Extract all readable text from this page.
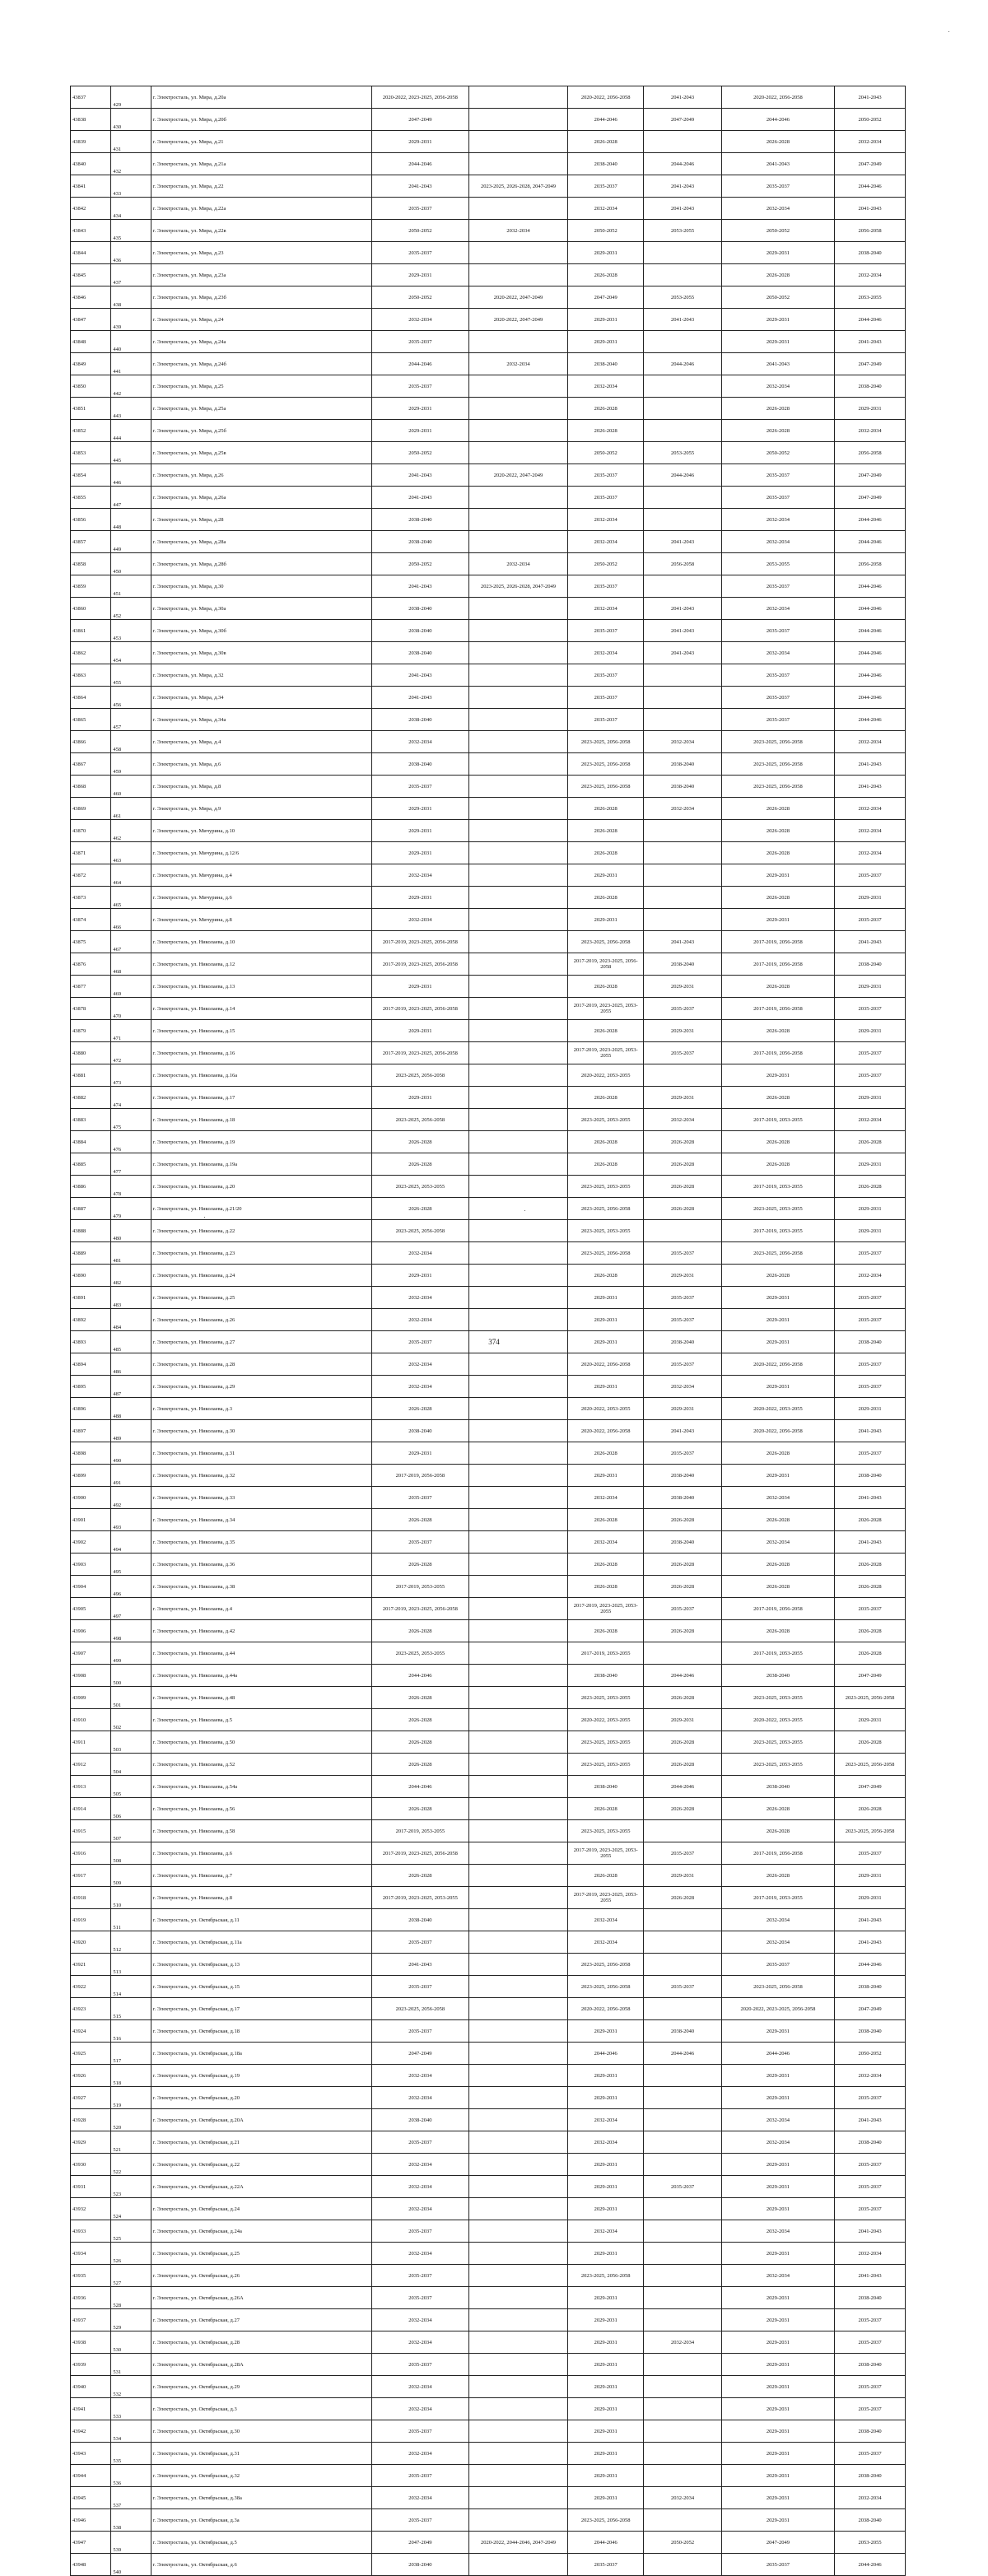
43837	429	г. Электросталь, ул. Мира, д.20а	2020-2022, 2023-2025, 2056-2058		2020-2022, 2056-2058	2041-2043	2020-2022, 2056-2058	2041-2043
43838	430	г. Электросталь, ул. Мира, д.20б	2047-2049		2044-2046	2047-2049	2044-2046	2050-2052
43839	431	г. Электросталь, ул. Мира, д.21	2029-2031		2026-2028		2026-2028	2032-2034
43840	432	г. Электросталь, ул. Мира, д.21а	2044-2046		2038-2040	2044-2046	2041-2043	2047-2049
43841	433	г. Электросталь, ул. Мира, д.22	2041-2043	2023-2025, 2026-2028, 2047-2049	2035-2037	2041-2043	2035-2037	2044-2046
43842	434	г. Электросталь, ул. Мира, д.22а	2035-2037		2032-2034	2041-2043	2032-2034	2041-2043
43843	435	г. Электросталь, ул. Мира, д.22в	2050-2052	2032-2034	2050-2052	2053-2055	2050-2052	2056-2058
43844	436	г. Электросталь, ул. Мира, д.23	2035-2037		2029-2031		2029-2031	2038-2040
43845	437	г. Электросталь, ул. Мира, д.23а	2029-2031		2026-2028		2026-2028	2032-2034
43846	438	г. Электросталь, ул. Мира, д.23б	2050-2052	2020-2022, 2047-2049	2047-2049	2053-2055	2050-2052	2053-2055
43847	439	г. Электросталь, ул. Мира, д.24	2032-2034	2020-2022, 2047-2049	2029-2031	2041-2043	2029-2031	2044-2046
43848	440	г. Электросталь, ул. Мира, д.24а	2035-2037		2029-2031		2029-2031	2041-2043
43849	441	г. Электросталь, ул. Мира, д.24б	2044-2046	2032-2034	2038-2040	2044-2046	2041-2043	2047-2049
43850	442	г. Электросталь, ул. Мира, д.25	2035-2037		2032-2034		2032-2034	2038-2040
43851	443	г. Электросталь, ул. Мира, д.25а	2029-2031		2026-2028		2026-2028	2029-2031
43852	444	г. Электросталь, ул. Мира, д.25б	2029-2031		2026-2028		2026-2028	2032-2034
43853	445	г. Электросталь, ул. Мира, д.25в	2050-2052		2050-2052	2053-2055	2050-2052	2056-2058
43854	446	г. Электросталь, ул. Мира, д.26	2041-2043	2020-2022, 2047-2049	2035-2037	2044-2046	2035-2037	2047-2049
43855	447	г. Электросталь, ул. Мира, д.26а	2041-2043		2035-2037		2035-2037	2047-2049
43856	448	г. Электросталь, ул. Мира, д.28	2038-2040		2032-2034		2032-2034	2044-2046
43857	449	г. Электросталь, ул. Мира, д.28а	2038-2040		2032-2034	2041-2043	2032-2034	2044-2046
43858	450	г. Электросталь, ул. Мира, д.28б	2050-2052	2032-2034	2050-2052	2056-2058	2053-2055	2056-2058
43859	451	г. Электросталь, ул. Мира, д.30	2041-2043	2023-2025, 2026-2028, 2047-2049	2035-2037		2035-2037	2044-2046
43860	452	г. Электросталь, ул. Мира, д.30а	2038-2040		2032-2034	2041-2043	2032-2034	2044-2046
43861	453	г. Электросталь, ул. Мира, д.30б	2038-2040		2035-2037	2041-2043	2035-2037	2044-2046
43862	454	г. Электросталь, ул. Мира, д.30в	2038-2040		2032-2034	2041-2043	2032-2034	2044-2046
43863	455	г. Электросталь, ул. Мира, д.32	2041-2043		2035-2037		2035-2037	2044-2046
43864	456	г. Электросталь, ул. Мира, д.34	2041-2043		2035-2037		2035-2037	2044-2046
43865	457	г. Электросталь, ул. Мира, д.34а	2038-2040		2035-2037		2035-2037	2044-2046
43866	458	г. Электросталь, ул. Мира, д.4	2032-2034		2023-2025, 2056-2058	2032-2034	2023-2025, 2056-2058	2032-2034
43867	459	г. Электросталь, ул. Мира, д.6	2038-2040		2023-2025, 2056-2058	2038-2040	2023-2025, 2056-2058	2041-2043
43868	460	г. Электросталь, ул. Мира, д.8	2035-2037		2023-2025, 2056-2058	2038-2040	2023-2025, 2056-2058	2041-2043
43869	461	г. Электросталь, ул. Мира, д.9	2029-2031		2026-2028	2032-2034	2026-2028	2032-2034
43870	462	г. Электросталь, ул. Мичурина, д.10	2029-2031		2026-2028		2026-2028	2032-2034
43871	463	г. Электросталь, ул. Мичурина, д.12/6	2029-2031		2026-2028		2026-2028	2032-2034
43872	464	г. Электросталь, ул. Мичурина, д.4	2032-2034		2029-2031		2029-2031	2035-2037
43873	465	г. Электросталь, ул. Мичурина, д.6	2029-2031		2026-2028		2026-2028	2029-2031
43874	466	г. Электросталь, ул. Мичурина, д.8	2032-2034		2029-2031		2029-2031	2035-2037
43875	467	г. Электросталь, ул. Николаева, д.10	2017-2019, 2023-2025, 2056-2058		2023-2025, 2056-2058	2041-2043	2017-2019, 2056-2058	2041-2043
43876	468	г. Электросталь, ул. Николаева, д.12	2017-2019, 2023-2025, 2056-2058		2017-2019, 2023-2025, 2056-2058	2038-2040	2017-2019, 2056-2058	2038-2040
43877	469	г. Электросталь, ул. Николаева, д.13	2029-2031		2026-2028	2029-2031	2026-2028	2029-2031
43878	470	г. Электросталь, ул. Николаева, д.14	2017-2019, 2023-2025, 2056-2058		2017-2019, 2023-2025, 2053-2055	2035-2037	2017-2019, 2056-2058	2035-2037
43879	471	г. Электросталь, ул. Николаева, д.15	2029-2031		2026-2028	2029-2031	2026-2028	2029-2031
43880	472	г. Электросталь, ул. Николаева, д.16	2017-2019, 2023-2025, 2056-2058		2017-2019, 2023-2025, 2053-2055	2035-2037	2017-2019, 2056-2058	2035-2037
43881	473	г. Электросталь, ул. Николаева, д.16а	2023-2025, 2056-2058		2020-2022, 2053-2055		2029-2031	2035-2037
43882	474	г. Электросталь, ул. Николаева, д.17	2029-2031		2026-2028	2029-2031	2026-2028	2029-2031
43883	475	г. Электросталь, ул. Николаева, д.18	2023-2025, 2056-2058		2023-2025, 2053-2055	2032-2034	2017-2019, 2053-2055	2032-2034
43884	476	г. Электросталь, ул. Николаева, д.19	2026-2028		2026-2028	2026-2028	2026-2028	2026-2028
43885	477	г. Электросталь, ул. Николаева, д.19а	2026-2028		2026-2028	2026-2028	2026-2028	2029-2031
43886	478	г. Электросталь, ул. Николаева, д.20	2023-2025, 2053-2055		2023-2025, 2053-2055	2026-2028	2017-2019, 2053-2055	2026-2028
43887	479	г. Электросталь, ул. Николаева, д.21/20	2026-2028		2023-2025, 2056-2058	2026-2028	2023-2025, 2053-2055	2029-2031
43888	480	г. Электросталь, ул. Николаева, д.22	2023-2025, 2056-2058		2023-2025, 2053-2055		2017-2019, 2053-2055	2029-2031
43889	481	г. Электросталь, ул. Николаева, д.23	2032-2034		2023-2025, 2056-2058	2035-2037	2023-2025, 2056-2058	2035-2037
43890	482	г. Электросталь, ул. Николаева, д.24	2029-2031		2026-2028	2029-2031	2026-2028	2032-2034
43891	483	г. Электросталь, ул. Николаева, д.25	2032-2034		2029-2031	2035-2037	2029-2031	2035-2037
43892	484	г. Электросталь, ул. Николаева, д.26	2032-2034		2029-2031	2035-2037	2029-2031	2035-2037
43893	485	г. Электросталь, ул. Николаева, д.27	2035-2037		2029-2031	2038-2040	2029-2031	2038-2040
43894	486	г. Электросталь, ул. Николаева, д.28	2032-2034		2020-2022, 2056-2058	2035-2037	2020-2022, 2056-2058	2035-2037
43895	487	г. Электросталь, ул. Николаева, д.29	2032-2034		2029-2031	2032-2034	2029-2031	2035-2037
43896	488	г. Электросталь, ул. Николаева, д.3	2026-2028		2020-2022, 2053-2055	2029-2031	2020-2022, 2053-2055	2029-2031
43897	489	г. Электросталь, ул. Николаева, д.30	2038-2040		2020-2022, 2056-2058	2041-2043	2020-2022, 2056-2058	2041-2043
43898	490	г. Электросталь, ул. Николаева, д.31	2029-2031		2026-2028	2035-2037	2026-2028	2035-2037
43899	491	г. Электросталь, ул. Николаева, д.32	2017-2019, 2056-2058		2029-2031	2038-2040	2029-2031	2038-2040
43900	492	г. Электросталь, ул. Николаева, д.33	2035-2037		2032-2034	2038-2040	2032-2034	2041-2043
43901	493	г. Электросталь, ул. Николаева, д.34	2026-2028		2026-2028	2026-2028	2026-2028	2026-2028
43902	494	г. Электросталь, ул. Николаева, д.35	2035-2037		2032-2034	2038-2040	2032-2034	2041-2043
43903	495	г. Электросталь, ул. Николаева, д.36	2026-2028		2026-2028	2026-2028	2026-2028	2026-2028
43904	496	г. Электросталь, ул. Николаева, д.38	2017-2019, 2053-2055		2026-2028	2026-2028	2026-2028	2026-2028
43905	497	г. Электросталь, ул. Николаева, д.4	2017-2019, 2023-2025, 2056-2058		2017-2019, 2023-2025, 2053-2055	2035-2037	2017-2019, 2056-2058	2035-2037
43906	498	г. Электросталь, ул. Николаева, д.42	2026-2028		2026-2028	2026-2028	2026-2028	2026-2028
43907	499	г. Электросталь, ул. Николаева, д.44	2023-2025, 2053-2055		2017-2019, 2053-2055		2017-2019, 2053-2055	2026-2028
43908	500	г. Электросталь, ул. Николаева, д.44а	2044-2046		2038-2040	2044-2046	2038-2040	2047-2049
43909	501	г. Электросталь, ул. Николаева, д.48	2026-2028		2023-2025, 2053-2055	2026-2028	2023-2025, 2053-2055	2023-2025, 2056-2058
43910	502	г. Электросталь, ул. Николаева, д.5	2026-2028		2020-2022, 2053-2055	2029-2031	2020-2022, 2053-2055	2029-2031
43911	503	г. Электросталь, ул. Николаева, д.50	2026-2028		2023-2025, 2053-2055	2026-2028	2023-2025, 2053-2055	2026-2028
43912	504	г. Электросталь, ул. Николаева, д.52	2026-2028		2023-2025, 2053-2055	2026-2028	2023-2025, 2053-2055	2023-2025, 2056-2058
43913	505	г. Электросталь, ул. Николаева, д.54а	2044-2046		2038-2040	2044-2046	2038-2040	2047-2049
43914	506	г. Электросталь, ул. Николаева, д.56	2026-2028		2026-2028	2026-2028	2026-2028	2026-2028
43915	507	г. Электросталь, ул. Николаева, д.58	2017-2019, 2053-2055		2023-2025, 2053-2055		2026-2028	2023-2025, 2056-2058
43916	508	г. Электросталь, ул. Николаева, д.6	2017-2019, 2023-2025, 2056-2058		2017-2019, 2023-2025, 2053-2055	2035-2037	2017-2019, 2056-2058	2035-2037
43917	509	г. Электросталь, ул. Николаева, д.7	2026-2028		2026-2028	2029-2031	2026-2028	2029-2031
43918	510	г. Электросталь, ул. Николаева, д.8	2017-2019, 2023-2025, 2053-2055		2017-2019, 2023-2025, 2053-2055	2026-2028	2017-2019, 2053-2055	2029-2031
43919	511	г. Электросталь, ул. Октябрьская, д.11	2038-2040		2032-2034		2032-2034	2041-2043
43920	512	г. Электросталь, ул. Октябрьская, д.11а	2035-2037		2032-2034		2032-2034	2041-2043
43921	513	г. Электросталь, ул. Октябрьская, д.13	2041-2043		2023-2025, 2056-2058		2035-2037	2044-2046
43922	514	г. Электросталь, ул. Октябрьская, д.15	2035-2037		2023-2025, 2056-2058	2035-2037	2023-2025, 2056-2058	2038-2040
43923	515	г. Электросталь, ул. Октябрьская, д.17	2023-2025, 2056-2058		2020-2022, 2056-2058		2020-2022, 2023-2025, 2056-2058	2047-2049
43924	516	г. Электросталь, ул. Октябрьская, д.18	2035-2037		2029-2031	2038-2040	2029-2031	2038-2040
43925	517	г. Электросталь, ул. Октябрьская, д.18а	2047-2049		2044-2046	2044-2046	2044-2046	2050-2052
43926	518	г. Электросталь, ул. Октябрьская, д.19	2032-2034		2029-2031		2029-2031	2032-2034
43927	519	г. Электросталь, ул. Октябрьская, д.20	2032-2034		2029-2031		2029-2031	2035-2037
43928	520	г. Электросталь, ул. Октябрьская, д.20А	2038-2040		2032-2034		2032-2034	2041-2043
43929	521	г. Электросталь, ул. Октябрьская, д.21	2035-2037		2032-2034		2032-2034	2038-2040
43930	522	г. Электросталь, ул. Октябрьская, д.22	2032-2034		2029-2031		2029-2031	2035-2037
43931	523	г. Электросталь, ул. Октябрьская, д.22А	2032-2034		2029-2031	2035-2037	2029-2031	2035-2037
43932	524	г. Электросталь, ул. Октябрьская, д.24	2032-2034		2029-2031		2029-2031	2035-2037
43933	525	г. Электросталь, ул. Октябрьская, д.24а	2035-2037		2032-2034		2032-2034	2041-2043
43934	526	г. Электросталь, ул. Октябрьская, д.25	2032-2034		2029-2031		2029-2031	2032-2034
43935	527	г. Электросталь, ул. Октябрьская, д.26	2035-2037		2023-2025, 2056-2058		2032-2034	2041-2043
43936	528	г. Электросталь, ул. Октябрьская, д.26А	2035-2037		2029-2031		2029-2031	2038-2040
43937	529	г. Электросталь, ул. Октябрьская, д.27	2032-2034		2029-2031		2029-2031	2035-2037
43938	530	г. Электросталь, ул. Октябрьская, д.28	2032-2034		2029-2031	2032-2034	2029-2031	2035-2037
43939	531	г. Электросталь, ул. Октябрьская, д.28А	2035-2037		2029-2031		2029-2031	2038-2040
43940	532	г. Электросталь, ул. Октябрьская, д.29	2032-2034		2029-2031		2029-2031	2035-2037
43941	533	г. Электросталь, ул. Октябрьская, д.3	2032-2034		2029-2031		2029-2031	2035-2037
43942	534	г. Электросталь, ул. Октябрьская, д.30	2035-2037		2029-2031		2029-2031	2038-2040
43943	535	г. Электросталь, ул. Октябрьская, д.31	2032-2034		2029-2031		2029-2031	2035-2037
43944	536	г. Электросталь, ул. Октябрьская, д.32	2035-2037		2029-2031		2029-2031	2038-2040
43945	537	г. Электросталь, ул. Октябрьская, д.38а	2032-2034		2029-2031	2032-2034	2029-2031	2032-2034
43946	538	г. Электросталь, ул. Октябрьская, д.3а	2035-2037		2023-2025, 2056-2058		2029-2031	2038-2040
43947	539	г. Электросталь, ул. Октябрьская, д.5	2047-2049	2020-2022, 2044-2046, 2047-2049	2044-2046	2050-2052	2047-2049	2053-2055
43948	540	г. Электросталь, ул. Октябрьская, д.6	2038-2040		2035-2037		2035-2037	2044-2046
374
